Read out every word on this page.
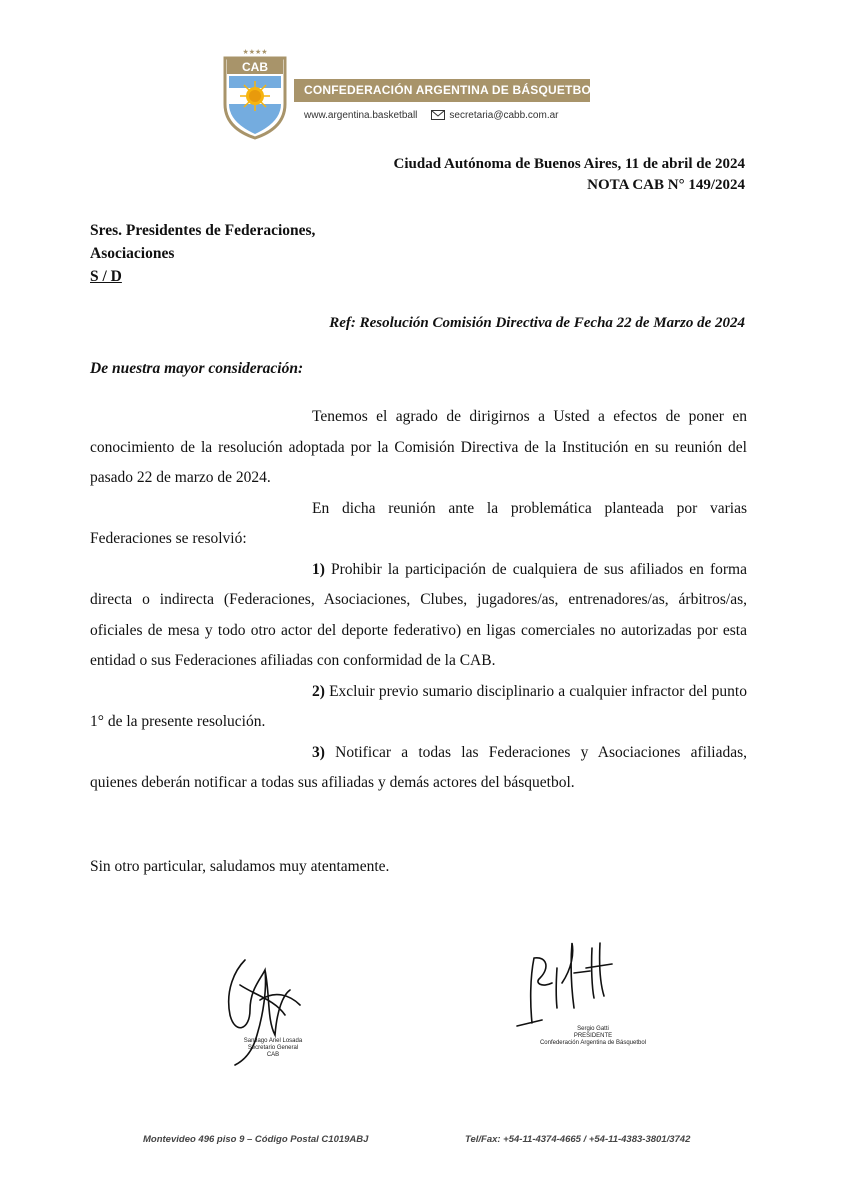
★★★★
CAB
CONFEDERACIÓN ARGENTINA DE BÁSQUETBOL
www.argentina.basketball	secretaria@cabb.com.ar
Ciudad Autónoma de Buenos Aires, 11 de abril de 2024
NOTA CAB N° 149/2024
Sres. Presidentes de Federaciones,
Asociaciones
S / D
Ref: Resolución Comisión Directiva de Fecha 22 de Marzo de 2024
De nuestra mayor consideración:

Tenemos el agrado de dirigirnos a Usted a efectos de poner en conocimiento de la resolución adoptada por la Comisión Directiva de la Institución en su reunión del pasado 22 de marzo de 2024.

En dicha reunión ante la problemática planteada por varias Federaciones se resolvió:

1) Prohibir la participación de cualquiera de sus afiliados en forma directa o indirecta (Federaciones, Asociaciones, Clubes, jugadores/as, entrenadores/as, árbitros/as, oficiales de mesa y todo otro actor del deporte federativo) en ligas comerciales no autorizadas por esta entidad o sus Federaciones afiliadas con conformidad de la CAB.

2) Excluir previo sumario disciplinario a cualquier infractor del punto 1° de la presente resolución.

3) Notificar a todas las Federaciones y Asociaciones afiliadas, quienes deberán notificar a todas sus afiliadas y demás actores del básquetbol.

Sin otro particular, saludamos muy atentamente.
Santiago Ariel Losada
Secretario General
CAB
Sergio Gatti
PRESIDENTE
Confederación Argentina de Básquetbol
Montevideo 496 piso 9 – Código Postal C1019ABJ	Tel/Fax: +54-11-4374-4665 / +54-11-4383-3801/3742
